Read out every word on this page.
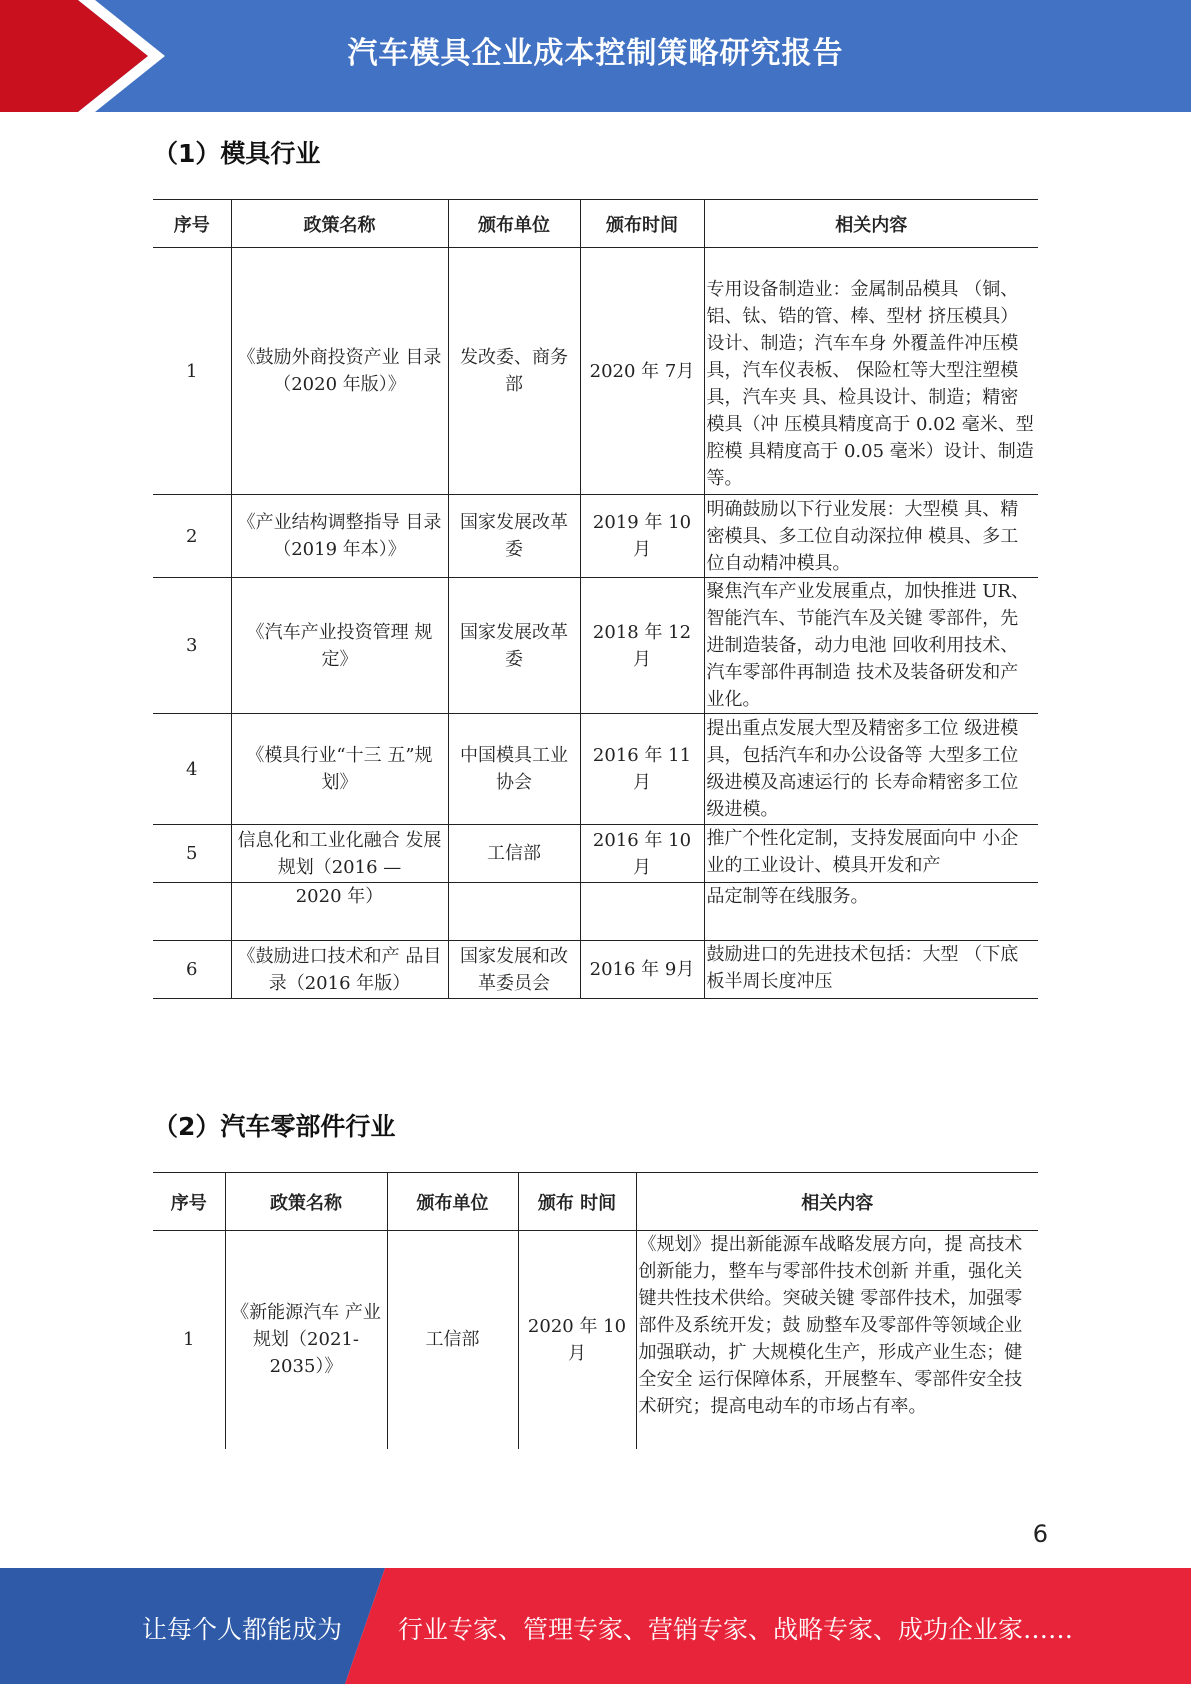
汽车模具企业成本控制策略研究报告
（1）模具行业
序号	政策名称	颁布单位	颁布时间	相关内容
1	《鼓励外商投资产业 目录（2020 年版）》	发改委、商务部	2020 年 7月	专用设备制造业：金属制品模具 （铜、铝、钛、锆的管、棒、型材 挤压模具）设计、制造；汽车车身 外覆盖件冲压模具，汽车仪表板、 保险杠等大型注塑模具，汽车夹 具、检具设计、制造；精密模具（冲 压模具精度高于 0.02 毫米、型腔模 具精度高于 0.05 毫米）设计、制造 等。
2	《产业结构调整指导 目录（2019 年本）》	国家发展改革委	2019 年 10月	明确鼓励以下行业发展：大型模 具、精密模具、多工位自动深拉伸 模具、多工位自动精冲模具。
3	《汽车产业投资管理 规定》	国家发展改革委	2018 年 12月	聚焦汽车产业发展重点，加快推进 UR、智能汽车、节能汽车及关键 零部件，先进制造装备，动力电池 回收利用技术、汽车零部件再制造 技术及装备研发和产业化。
4	《模具行业“十三 五”规划》	中国模具工业协会	2016 年 11月	提出重点发展大型及精密多工位 级进模具，包括汽车和办公设备等 大型多工位级进模及高速运行的 长寿命精密多工位级进模。
5	信息化和工业化融合 发展规划（2016 —	工信部	2016 年 10月	推广个性化定制，支持发展面向中 小企业的工业设计、模具开发和产
	2020 年）			品定制等在线服务。
6	《鼓励进口技术和产 品目录（2016 年版）	国家发展和改革委员会	2016 年 9月	鼓励进口的先进技术包括：大型 （下底板半周长度冲压
（2）汽车零部件行业
序号	政策名称	颁布单位	颁布 时间	相关内容
1	《新能源汽车 产业规划（2021-2035）》	工信部	2020 年 10月	《规划》提出新能源车战略发展方向，提 高技术创新能力，整车与零部件技术创新 并重，强化关键共性技术供给。突破关键 零部件技术，加强零部件及系统开发；鼓 励整车及零部件等领域企业加强联动，扩 大规模化生产，形成产业生态；健全安全 运行保障体系，开展整车、零部件安全技 术研究；提高电动车的市场占有率。
6
让每个人都能成为 行业专家、管理专家、营销专家、战略专家、成功企业家……
